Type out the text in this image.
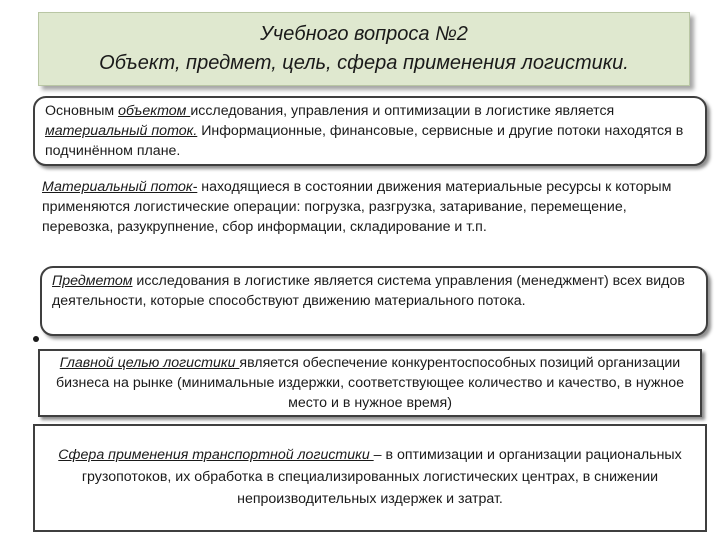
Учебного вопроса №2
Объект, предмет, цель, сфера применения логистики.

Основным объектом исследования, управления и оптимизации в логистике является материальный поток. Информационные, финансовые, сервисные и другие потоки находятся в подчинённом плане.

Материальный поток- находящиеся в состоянии движения материальные ресурсы к которым применяются логистические операции: погрузка, разгрузка, затаривание, перемещение, перевозка, разукрупнение, сбор информации, складирование и т.п.

Предметом исследования в логистике является система управления (менеджмент) всех видов деятельности, которые способствуют движению материального потока.

Главной целью логистики является обеспечение конкурентоспособных позиций организации бизнеса на рынке (минимальные издержки, соответствующее количество и качество, в нужное место и в нужное время)

Сфера применения транспортной логистики – в оптимизации и организации рациональных грузопотоков, их обработка в специализированных логистических центрах, в снижении непроизводительных издержек и затрат.
